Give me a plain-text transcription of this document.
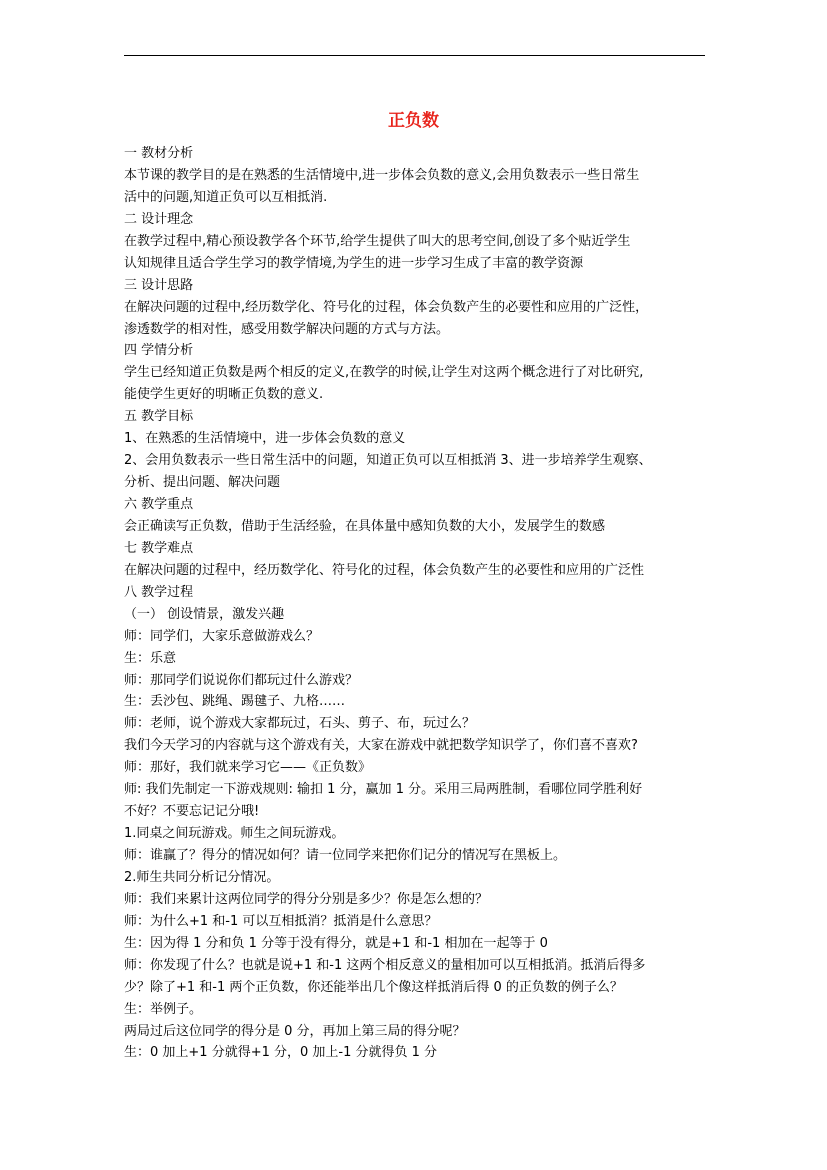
正负数
一 教材分析
本节课的教学目的是在熟悉的生活情境中,进一步体会负数的意义,会用负数表示一些日常生
活中的问题,知道正负可以互相抵消.
二 设计理念
在教学过程中,精心预设教学各个环节,给学生提供了叫大的思考空间,创设了多个贴近学生
认知规律且适合学生学习的教学情境,为学生的进一步学习生成了丰富的教学资源
三 设计思路
在解决问题的过程中,经历数学化、符号化的过程，体会负数产生的必要性和应用的广泛性，
渗透数学的相对性，感受用数学解决问题的方式与方法。
四 学情分析
学生已经知道正负数是两个相反的定义,在教学的时候,让学生对这两个概念进行了对比研究,
能使学生更好的明晰正负数的意义.
五 教学目标
1、在熟悉的生活情境中，进一步体会负数的意义
2、会用负数表示一些日常生活中的问题，知道正负可以互相抵消 3、进一步培养学生观察、
分析、提出问题、解决问题
六 教学重点
会正确读写正负数，借助于生活经验，在具体量中感知负数的大小，发展学生的数感
七 教学难点
在解决问题的过程中，经历数学化、符号化的过程，体会负数产生的必要性和应用的广泛性
八 教学过程
（一） 创设情景，激发兴趣
师：同学们，大家乐意做游戏么？
生：乐意
师：那同学们说说你们都玩过什么游戏？
生：丢沙包、跳绳、踢毽子、九格……
师：老师，说个游戏大家都玩过，石头、剪子、布，玩过么？
我们今天学习的内容就与这个游戏有关，大家在游戏中就把数学知识学了，你们喜不喜欢?
师：那好，我们就来学习它——《正负数》
师: 我们先制定一下游戏规则: 输扣 1 分，赢加 1 分。采用三局两胜制，看哪位同学胜利好
不好？不要忘记记分哦!
1.同桌之间玩游戏。师生之间玩游戏。
师：谁赢了？得分的情况如何？请一位同学来把你们记分的情况写在黑板上。
2.师生共同分析记分情况。
师：我们来累计这两位同学的得分分别是多少？你是怎么想的？
师：为什么+1 和-1 可以互相抵消？抵消是什么意思？
生：因为得 1 分和负 1 分等于没有得分，就是+1 和-1 相加在一起等于 0
师：你发现了什么？也就是说+1 和-1 这两个相反意义的量相加可以互相抵消。抵消后得多
少？除了+1 和-1 两个正负数，你还能举出几个像这样抵消后得 0 的正负数的例子么？
生：举例子。
两局过后这位同学的得分是 0 分，再加上第三局的得分呢？
生：0 加上+1 分就得+1 分，0 加上-1 分就得负 1 分
